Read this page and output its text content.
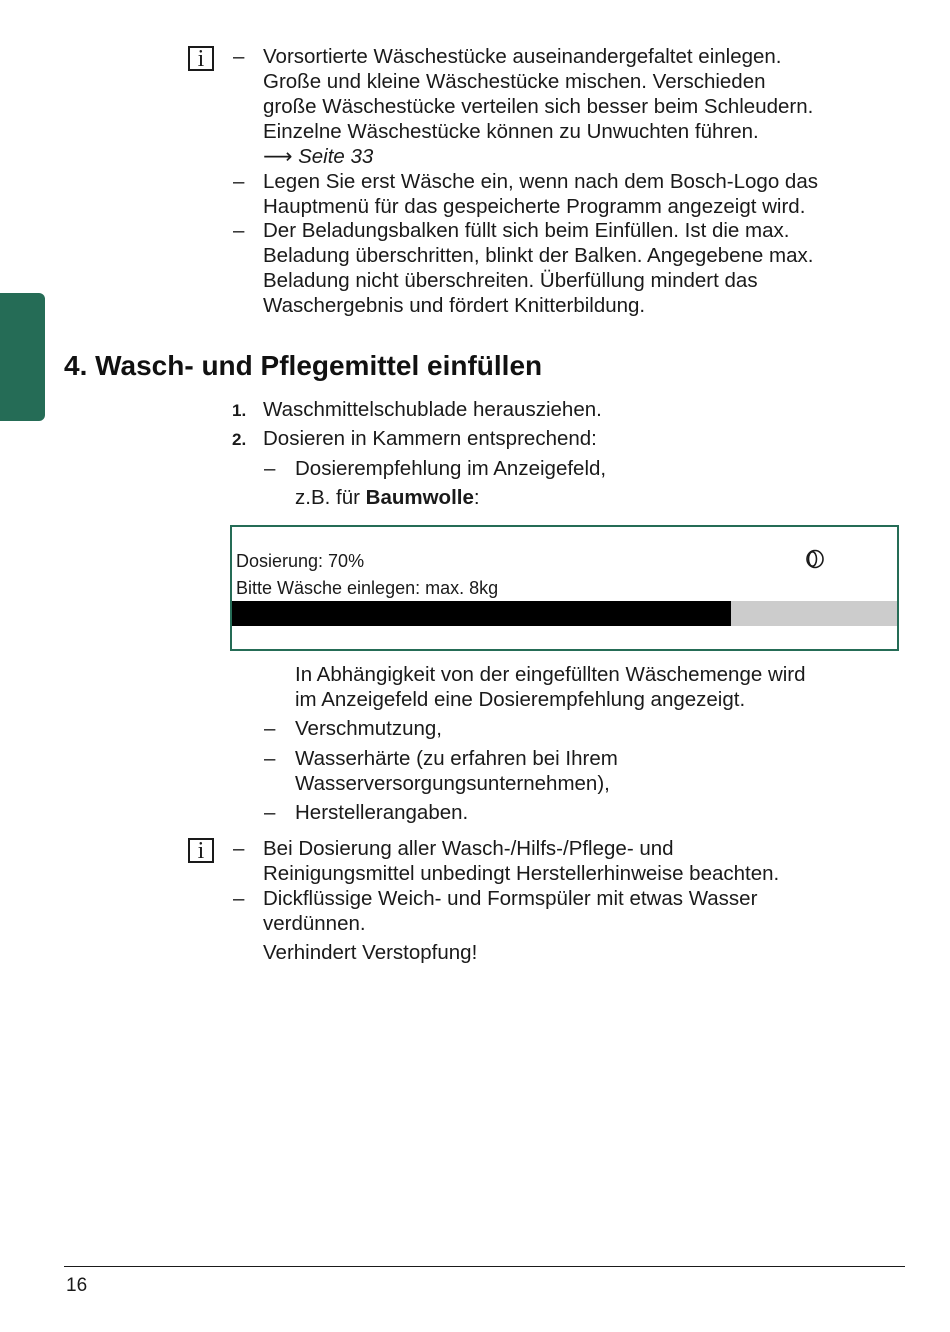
i	– Vorsortierte Wäschestücke auseinandergefaltet einlegen.
Große und kleine Wäschestücke mischen. Verschieden
große Wäschestücke verteilen sich besser beim Schleudern.
Einzelne Wäschestücke können zu Unwuchten führen.
⟶ Seite 33
– Legen Sie erst Wäsche ein, wenn nach dem Bosch-Logo das
Hauptmenü für das gespeicherte Programm angezeigt wird.
– Der Beladungsbalken füllt sich beim Einfüllen. Ist die max.
Beladung überschritten, blinkt der Balken. Angegebene max.
Beladung nicht überschreiten. Überfüllung mindert das
Waschergebnis und fördert Knitterbildung.
4. Wasch- und Pflegemittel einfüllen
1. Waschmittelschublade herausziehen.
2. Dosieren in Kammern entsprechend:
– Dosierempfehlung im Anzeigefeld,
z.B. für Baumwolle:
Dosierung: 70%
Bitte Wäsche einlegen: max. 8kg
In Abhängigkeit von der eingefüllten Wäschemenge wird
im Anzeigefeld eine Dosierempfehlung angezeigt.
– Verschmutzung,
– Wasserhärte (zu erfahren bei Ihrem
Wasserversorgungsunternehmen),
– Herstellerangaben.
i	– Bei Dosierung aller Wasch-/Hilfs-/Pflege- und
Reinigungsmittel unbedingt Herstellerhinweise beachten.
– Dickflüssige Weich- und Formspüler mit etwas Wasser
verdünnen.
Verhindert Verstopfung!
16
